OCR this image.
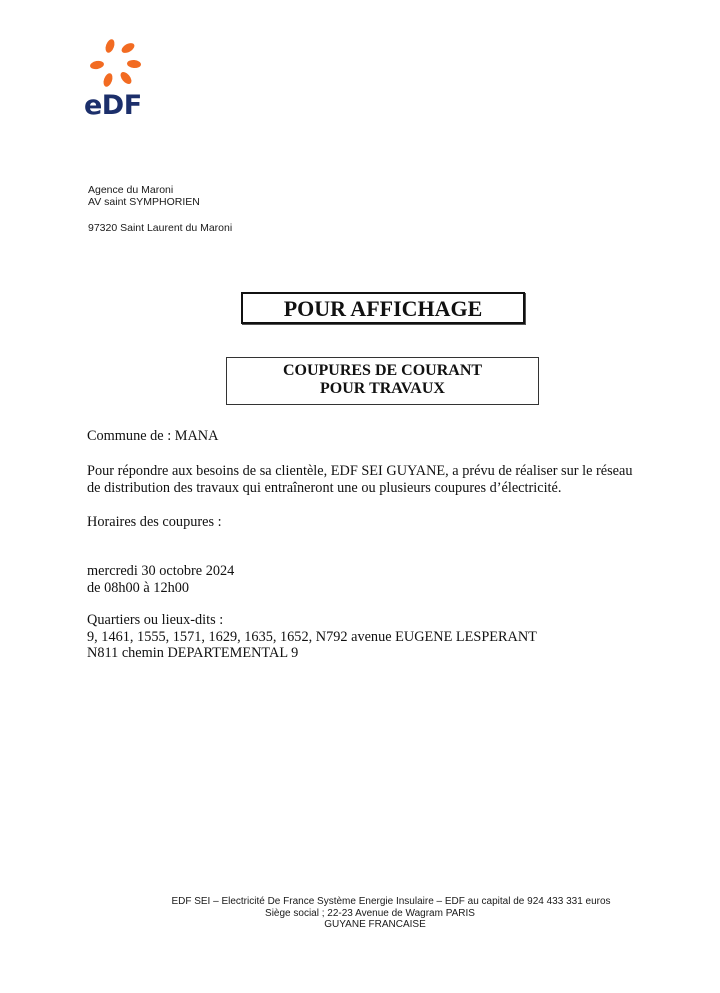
eDF
Agence du Maroni
AV saint SYMPHORIEN
97320 Saint Laurent du Maroni
POUR AFFICHAGE
COUPURES DE COURANT
POUR TRAVAUX
Commune de : MANA
Pour répondre aux besoins de sa clientèle, EDF SEI GUYANE, a prévu de réaliser sur le réseau
de distribution des travaux qui entraîneront une ou plusieurs coupures d’électricité.
Horaires des coupures :
mercredi 30 octobre 2024
de 08h00 à 12h00
Quartiers ou lieux-dits :
9, 1461, 1555, 1571, 1629, 1635, 1652, N792 avenue EUGENE LESPERANT
N811 chemin DEPARTEMENTAL 9
EDF SEI – Electricité De France Système Energie Insulaire – EDF au capital de 924 433 331 euros
Siège social ; 22-23 Avenue de Wagram PARIS
GUYANE FRANCAISE
